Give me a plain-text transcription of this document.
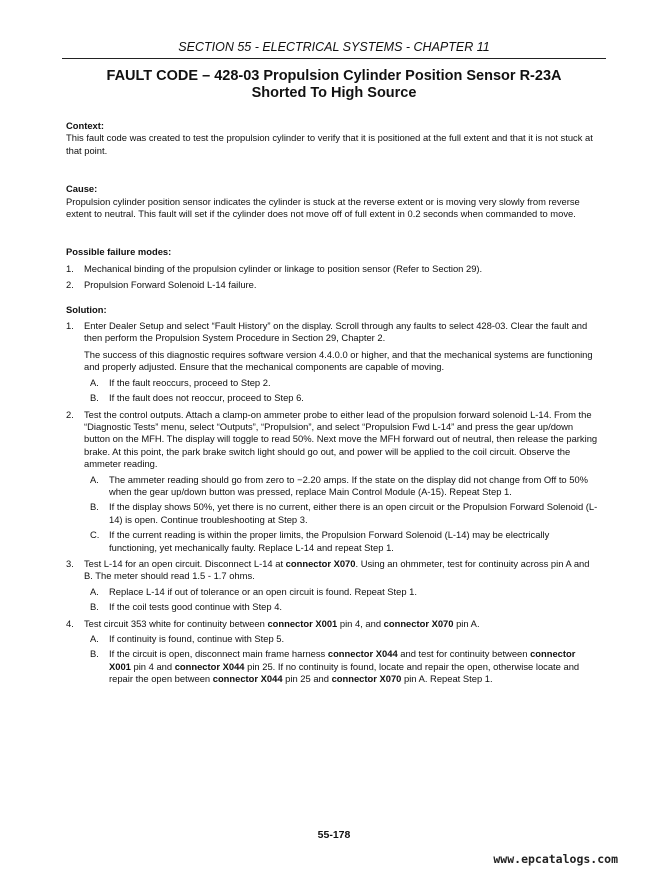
SECTION 55 - ELECTRICAL SYSTEMS - CHAPTER 11
FAULT CODE – 428-03 Propulsion Cylinder Position Sensor R-23A
Shorted To High Source

Context:

This fault code was created to test the propulsion cylinder to verify that it is positioned at the full extent and that it is not stuck at that point.

Cause:

Propulsion cylinder position sensor indicates the cylinder is stuck at the reverse extent or is moving very slowly from reverse extent to neutral. This fault will set if the cylinder does not move off of full extent in 0.2 seconds when commanded to move.

Possible failure modes:

1. Mechanical binding of the propulsion cylinder or linkage to position sensor (Refer to Section 29).
2. Propulsion Forward Solenoid L-14 failure.

Solution:

1. Enter Dealer Setup and select “Fault History” on the display. Scroll through any faults to select 428-03. Clear the fault and then perform the Propulsion System Procedure in Section 29, Chapter 2.

The success of this diagnostic requires software version 4.4.0.0 or higher, and that the mechanical systems are functioning and properly adjusted. Ensure that the mechanical components are capable of moving.

A. If the fault reoccurs, proceed to Step 2.
B. If the fault does not reoccur, proceed to Step 6.
2. Test the control outputs. Attach a clamp-on ammeter probe to either lead of the propulsion forward solenoid L-14. From the “Diagnostic Tests” menu, select “Outputs”, “Propulsion”, and select “Propulsion Fwd L-14” and press the gear up/down button on the MFH. The display will toggle to read 50%. Next move the MFH forward out of neutral, then release the parking brake. At this point, the park brake switch light should go out, and power will be applied to the coil circuit. Observe the ammeter reading.

A. The ammeter reading should go from zero to −2.20 amps. If the state on the display did not change from Off to 50% when the gear up/down button was pressed, replace Main Control Module (A-15). Repeat Step 1.
B. If the display shows 50%, yet there is no current, either there is an open circuit or the Propulsion Forward Solenoid (L-14) is open. Continue troubleshooting at Step 3.
C. If the current reading is within the proper limits, the Propulsion Forward Solenoid (L-14) may be electrically functioning, yet mechanically faulty. Replace L-14 and repeat Step 1.
3. Test L-14 for an open circuit. Disconnect L-14 at connector X070. Using an ohmmeter, test for continuity across pin A and B. The meter should read 1.5 - 1.7 ohms.

A. Replace L-14 if out of tolerance or an open circuit is found. Repeat Step 1.
B. If the coil tests good continue with Step 4.
4. Test circuit 353 white for continuity between connector X001 pin 4, and connector X070 pin A.

A. If continuity is found, continue with Step 5.
B. If the circuit is open, disconnect main frame harness connector X044 and test for continuity between connector X001 pin 4 and connector X044 pin 25. If no continuity is found, locate and repair the open, otherwise locate and repair the open between connector X044 pin 25 and connector X070 pin A. Repeat Step 1.
55-178
www.epcatalogs.com
